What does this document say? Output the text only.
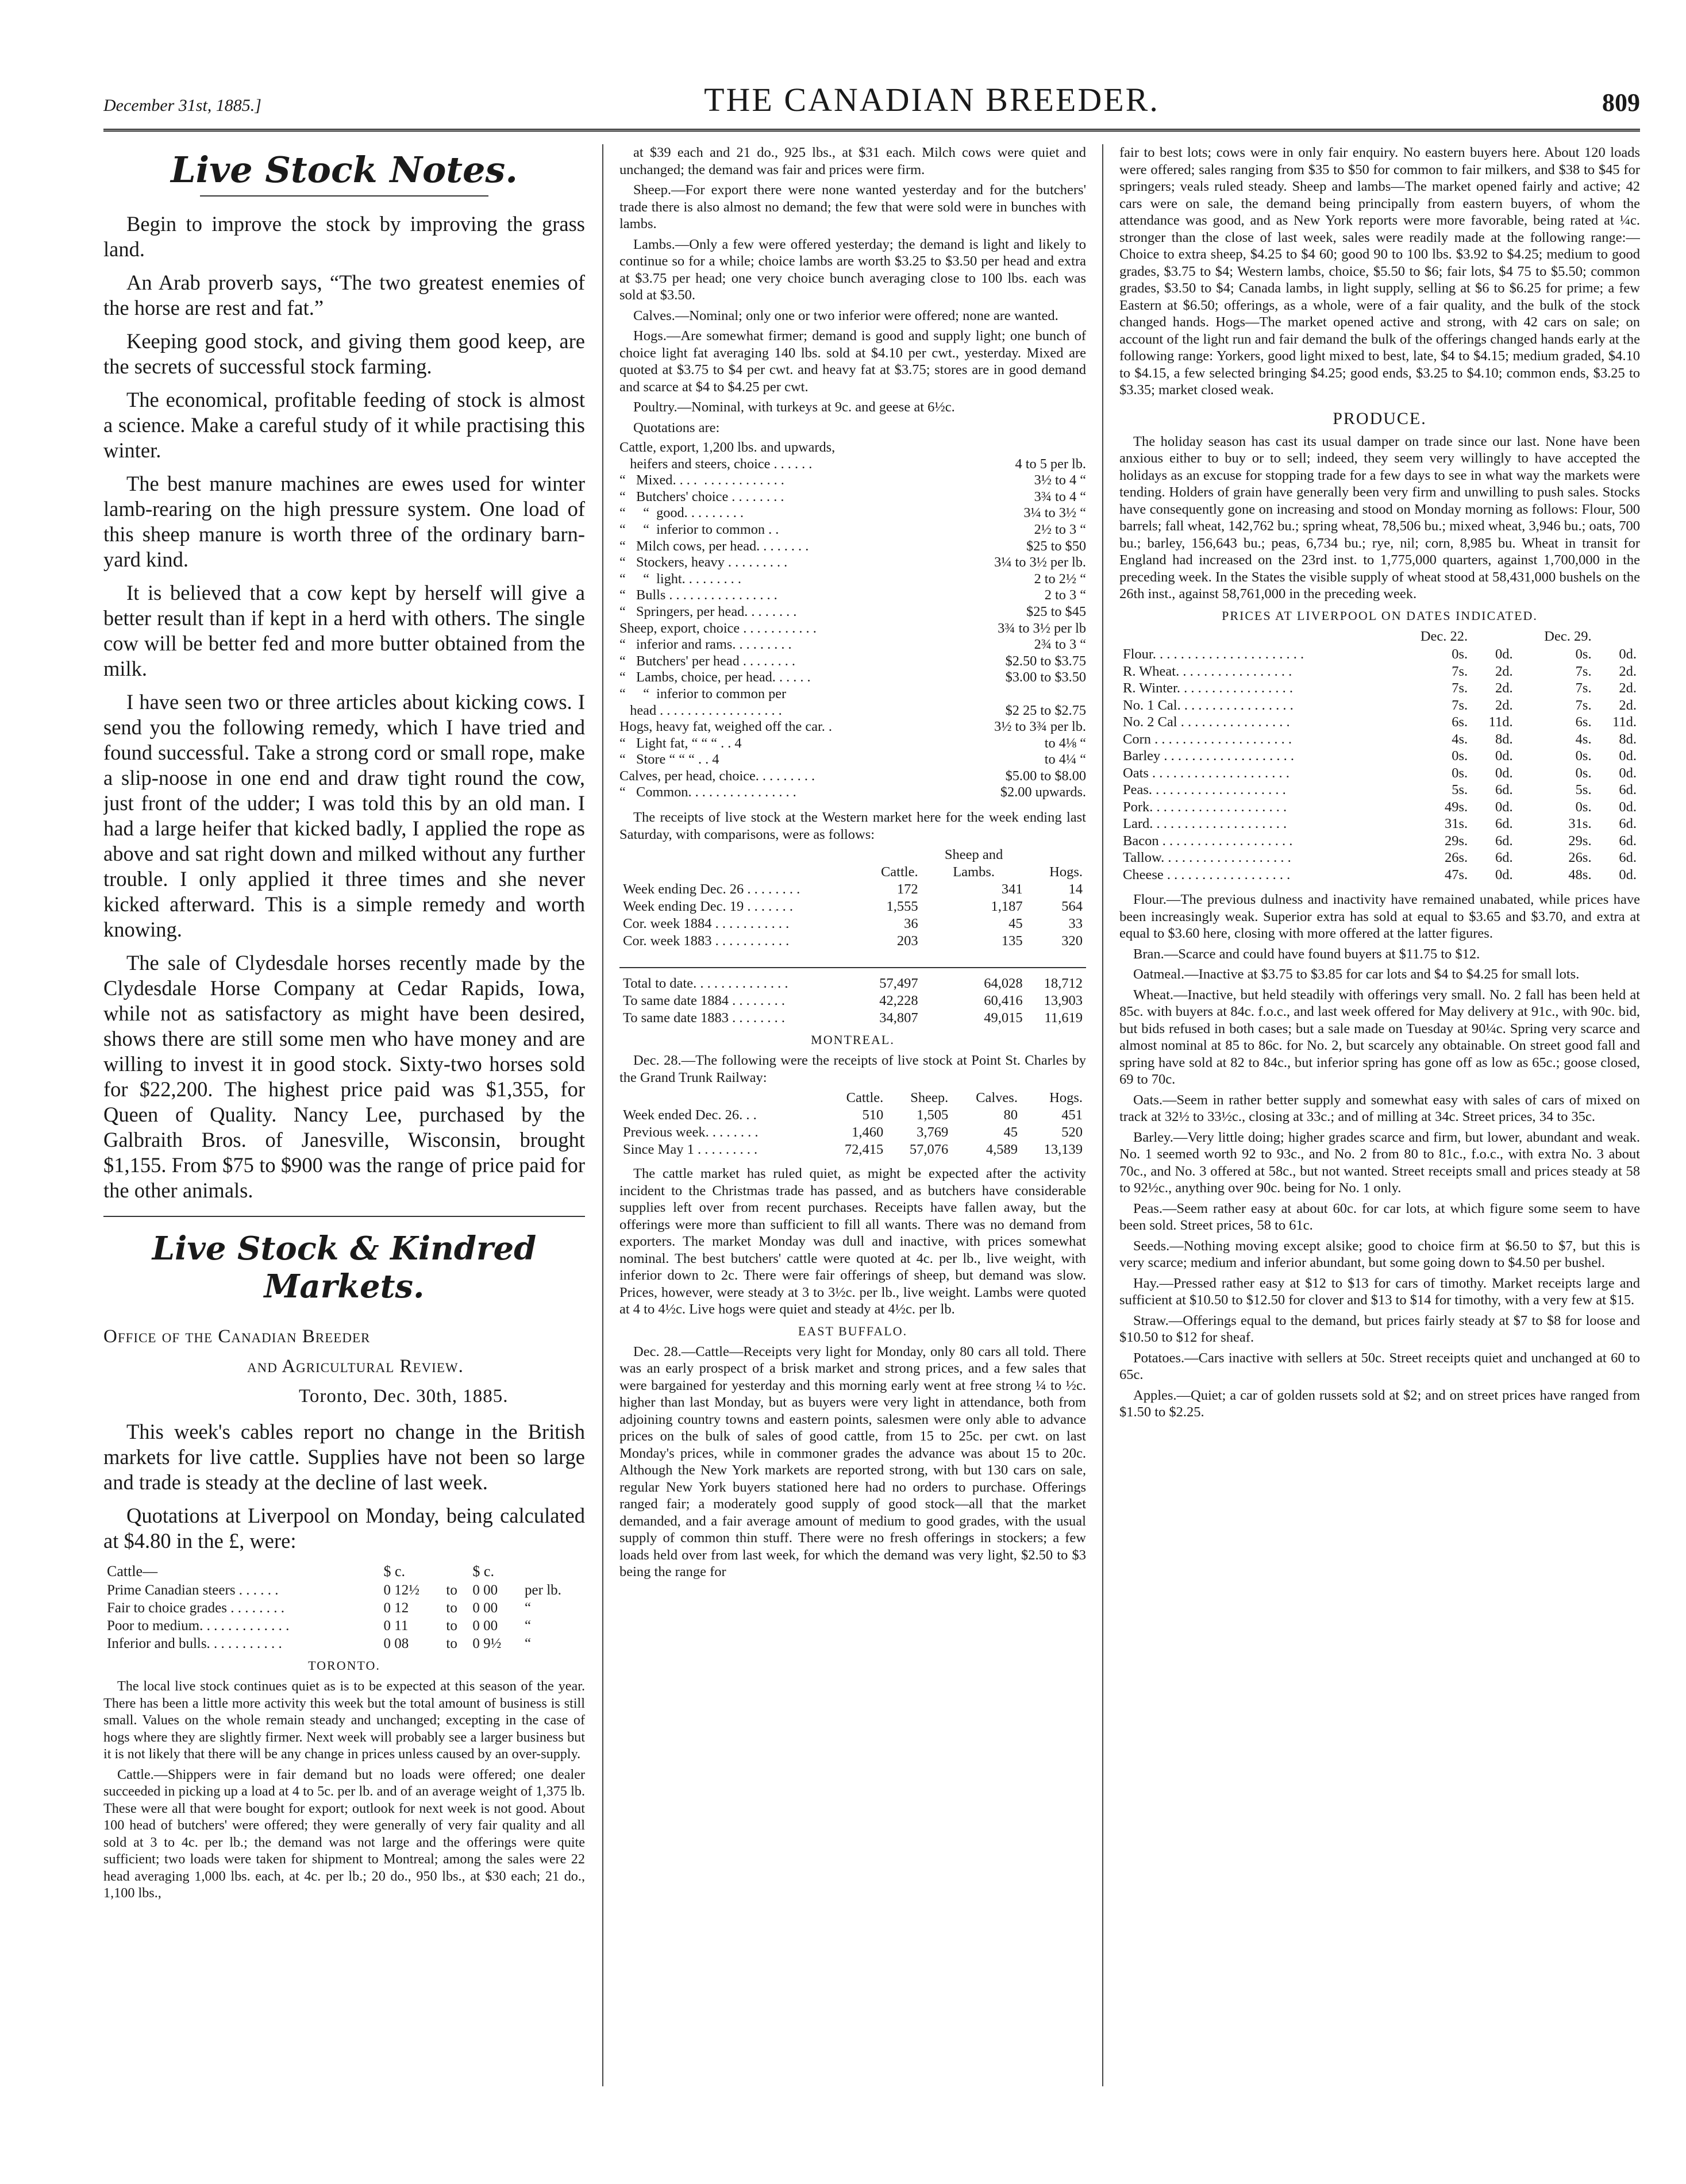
December 31st, 1885.]	THE CANADIAN BREEDER.	809
Live Stock Notes.

Begin to improve the stock by improving the grass land.

An Arab proverb says, “The two greatest enemies of the horse are rest and fat.”

Keeping good stock, and giving them good keep, are the secrets of successful stock farming.

The economical, profitable feeding of stock is almost a science. Make a careful study of it while practising this winter.

The best manure machines are ewes used for winter lamb-rearing on the high pressure system. One load of this sheep manure is worth three of the ordinary barn-yard kind.

It is believed that a cow kept by herself will give a better result than if kept in a herd with others. The single cow will be better fed and more butter obtained from the milk.

I have seen two or three articles about kicking cows. I send you the following remedy, which I have tried and found successful. Take a strong cord or small rope, make a slip-noose in one end and draw tight round the cow, just front of the udder; I was told this by an old man. I had a large heifer that kicked badly, I applied the rope as above and sat right down and milked without any further trouble. I only applied it three times and she never kicked afterward. This is a simple remedy and worth knowing.

The sale of Clydesdale horses recently made by the Clydesdale Horse Company at Cedar Rapids, Iowa, while not as satisfactory as might have been desired, shows there are still some men who have money and are willing to invest it in good stock. Sixty-two horses sold for $22,200. The highest price paid was $1,355, for Queen of Quality. Nancy Lee, purchased by the Galbraith Bros. of Janesville, Wisconsin, brought $1,155. From $75 to $900 was the range of price paid for the other animals.

Live Stock & Kindred Markets.
Office of the Canadian Breeder
and Agricultural Review.
Toronto, Dec. 30th, 1885.

This week's cables report no change in the British markets for live cattle. Supplies have not been so large and trade is steady at the decline of last week.

Quotations at Liverpool on Monday, being calculated at $4.80 in the £, were:

Cattle—	$ c.		$ c.	
Prime Canadian steers . . . . . .	0 12½	to	0 00	per lb.
Fair to choice grades . . . . . . . .	0 12	to	0 00	“
Poor to medium. . . . . . . . . . . . .	0 11	to	0 00	“
Inferior and bulls. . . . . . . . . . .	0 08	to	0 9½	“
TORONTO.

The local live stock continues quiet as is to be expected at this season of the year. There has been a little more activity this week but the total amount of business is still small. Values on the whole remain steady and unchanged; excepting in the case of hogs where they are slightly firmer. Next week will probably see a larger business but it is not likely that there will be any change in prices unless caused by an over-supply.

Cattle.—Shippers were in fair demand but no loads were offered; one dealer succeeded in picking up a load at 4 to 5c. per lb. and of an average weight of 1,375 lb. These were all that were bought for export; outlook for next week is not good. About 100 head of butchers' were offered; they were generally of very fair quality and all sold at 3 to 4c. per lb.; the demand was not large and the offerings were quite sufficient; two loads were taken for shipment to Montreal; among the sales were 22 head averaging 1,000 lbs. each, at 4c. per lb.; 20 do., 950 lbs., at $30 each; 21 do., 1,100 lbs.,

at $39 each and 21 do., 925 lbs., at $31 each. Milch cows were quiet and unchanged; the demand was fair and prices were firm.

Sheep.—For export there were none wanted yesterday and for the butchers' trade there is also almost no demand; the few that were sold were in bunches with lambs.

Lambs.—Only a few were offered yesterday; the demand is light and likely to continue so for a while; choice lambs are worth $3.25 to $3.50 per head and extra at $3.75 per head; one very choice bunch averaging close to 100 lbs. each was sold at $3.50.

Calves.—Nominal; only one or two inferior were offered; none are wanted.

Hogs.—Are somewhat firmer; demand is good and supply light; one bunch of choice light fat averaging 140 lbs. sold at $4.10 per cwt., yesterday. Mixed are quoted at $3.75 to $4 per cwt. and heavy fat at $3.75; stores are in good demand and scarce at $4 to $4.25 per cwt.

Poultry.—Nominal, with turkeys at 9c. and geese at 6½c.

Quotations are:

Cattle, export, 1,200 lbs. and upwards,
heifers and steers, choice . . . . . .	4 to 5 per lb.
“   Mixed. . . .  . . . . . . . . . . . .	3½ to 4 “
“   Butchers' choice . . . . . . . .	3¾ to 4 “
“     “  good. . . . . . . . .	3¼ to 3½ “
“     “  inferior to common . .	2½ to 3 “
“   Milch cows, per head. . . . . . . .	$25 to $50
“   Stockers, heavy . . . . . . . . .	3¼ to 3½ per lb.
“     “  light. . . . . . . . .	2 to 2½ “
“   Bulls . . . . . . . . . . . . . . . .	2 to 3 “
“   Springers, per head. . . . . . . .	$25 to $45
Sheep, export, choice . . . . . . . . . . .	3¾ to 3½ per lb
“   inferior and rams. . . . . . . . .	2¾ to 3 “
“   Butchers' per head . . . . . . . .	$2.50 to $3.75
“   Lambs, choice, per head. . . . . .	$3.00 to $3.50
“     “  inferior to common per
head . . . . . . . . . . . . . . . . . .	$2 25 to $2.75
Hogs, heavy fat, weighed off the car. .	3½ to 3¾ per lb.
“   Light fat, “ “ “ . . 4	to 4⅛ “
“   Store “ “ “ . . 4	to 4¼ “
Calves, per head, choice. . . . . . . . .	$5.00 to $8.00
“   Common. . . . . . . . . . . . . . . .	$2.00 upwards.

The receipts of live stock at the Western market here for the week ending last Saturday, with comparisons, were as follows:

	Cattle.	Sheep and Lambs.	Hogs.
Week ending Dec. 26 . . . . . . . .	172	341	14
Week ending Dec. 19 . . . . . . .	1,555	1,187	564
Cor. week 1884 . . . . . . . . . . .	36	45	33
Cor. week 1883 . . . . . . . . . . .	203	135	320

Total to date. . . . . . . . . . . . . .	57,497	64,028	18,712
To same date 1884 . . . . . . . .	42,228	60,416	13,903
To same date 1883 . . . . . . . .	34,807	49,015	11,619
MONTREAL.

Dec. 28.—The following were the receipts of live stock at Point St. Charles by the Grand Trunk Railway:

	Cattle.	Sheep.	Calves.	Hogs.
Week ended Dec. 26. . .	510	1,505	80	451
Previous week. . . . . . . .	1,460	3,769	45	520
Since May 1 . . . . . . . . .	72,415	57,076	4,589	13,139

The cattle market has ruled quiet, as might be expected after the activity incident to the Christmas trade has passed, and as butchers have considerable supplies left over from recent purchases. Receipts have fallen away, but the offerings were more than sufficient to fill all wants. There was no demand from exporters. The market Monday was dull and inactive, with prices somewhat nominal. The best butchers' cattle were quoted at 4c. per lb., live weight, with inferior down to 2c. There were fair offerings of sheep, but demand was slow. Prices, however, were steady at 3 to 3½c. per lb., live weight. Lambs were quoted at 4 to 4½c. Live hogs were quiet and steady at 4½c. per lb.

EAST BUFFALO.

Dec. 28.—Cattle—Receipts very light for Monday, only 80 cars all told. There was an early prospect of a brisk market and strong prices, and a few sales that were bargained for yesterday and this morning early went at free strong ¼ to ½c. higher than last Monday, but as buyers were very light in attendance, both from adjoining country towns and eastern points, salesmen were only able to advance prices on the bulk of sales of good cattle, from 15 to 25c. per cwt. on last Monday's prices, while in commoner grades the advance was about 15 to 20c. Although the New York markets are reported strong, with but 130 cars on sale, regular New York buyers stationed here had no orders to purchase. Offerings ranged fair; a moderately good supply of good stock—all that the market demanded, and a fair average amount of medium to good grades, with the usual supply of common thin stuff. There were no fresh offerings in stockers; a few loads held over from last week, for which the demand was very light, $2.50 to $3 being the range for

fair to best lots; cows were in only fair enquiry. No eastern buyers here. About 120 loads were offered; sales ranging from $35 to $50 for common to fair milkers, and $38 to $45 for springers; veals ruled steady. Sheep and lambs—The market opened fairly and active; 42 cars were on sale, the demand being principally from eastern buyers, of whom the attendance was good, and as New York reports were more favorable, being rated at ¼c. stronger than the close of last week, sales were readily made at the following range:—Choice to extra sheep, $4.25 to $4 60; good 90 to 100 lbs. $3.92 to $4.25; medium to good grades, $3.75 to $4; Western lambs, choice, $5.50 to $6; fair lots, $4 75 to $5.50; common grades, $3.50 to $4; Canada lambs, in light supply, selling at $6 to $6.25 for prime; a few Eastern at $6.50; offerings, as a whole, were of a fair quality, and the bulk of the stock changed hands. Hogs—The market opened active and strong, with 42 cars on sale; on account of the light run and fair demand the bulk of the offerings changed hands early at the following range: Yorkers, good light mixed to best, late, $4 to $4.15; medium graded, $4.10 to $4.15, a few selected bringing $4.25; good ends, $3.25 to $4.10; common ends, $3.25 to $3.35; market closed weak.

PRODUCE.

The holiday season has cast its usual damper on trade since our last. None have been anxious either to buy or to sell; indeed, they seem very willingly to have accepted the holidays as an excuse for stopping trade for a few days to see in what way the markets were tending. Holders of grain have generally been very firm and unwilling to push sales. Stocks have consequently gone on increasing and stood on Monday morning as follows: Flour, 500 barrels; fall wheat, 142,762 bu.; spring wheat, 78,506 bu.; mixed wheat, 3,946 bu.; oats, 700 bu.; barley, 156,643 bu.; peas, 6,734 bu.; rye, nil; corn, 8,985 bu. Wheat in transit for England had increased on the 23rd inst. to 1,775,000 quarters, against 1,700,000 in the preceding week. In the States the visible supply of wheat stood at 58,431,000 bushels on the 26th inst., against 58,761,000 in the preceding week.

PRICES AT LIVERPOOL ON DATES INDICATED.
	Dec. 22.		Dec. 29.	
Flour. . . . . . . . . . . . . . . . . . . . . .	0s.	0d.	0s.	0d.
R. Wheat. . . . . . . . . . . . . . . . .	7s.	2d.	7s.	2d.
R. Winter. . . . . . . . . . . . . . . . .	7s.	2d.	7s.	2d.
No. 1 Cal. . . . . . . . . . . . . . . . .	7s.	2d.	7s.	2d.
No. 2 Cal . . . . . . . . . . . . . . . .	6s.	11d.	6s.	11d.
Corn . . . . . . . . . . . . . . . . . . . .	4s.	8d.	4s.	8d.
Barley . . . . . . . . . . . . . . . . . . .	0s.	0d.	0s.	0d.
Oats . . . . . . . . . . . . . . . . . . . .	0s.	0d.	0s.	0d.
Peas. . . . . . . . . . . . . . . . . . . .	5s.	6d.	5s.	6d.
Pork. . . . . . . . . . . . . . . . . . . .	49s.	0d.	0s.	0d.
Lard. . . . . . . . . . . . . . . . . . . .	31s.	6d.	31s.	6d.
Bacon . . . . . . . . . . . . . . . . . . .	29s.	6d.	29s.	6d.
Tallow. . . . . . . . . . . . . . . . . . .	26s.	6d.	26s.	6d.
Cheese . . . . . . . . . . . . . . . . . .	47s.	0d.	48s.	0d.

Flour.—The previous dulness and inactivity have remained unabated, while prices have been increasingly weak. Superior extra has sold at equal to $3.65 and $3.70, and extra at equal to $3.60 here, closing with more offered at the latter figures.

Bran.—Scarce and could have found buyers at $11.75 to $12.

Oatmeal.—Inactive at $3.75 to $3.85 for car lots and $4 to $4.25 for small lots.

Wheat.—Inactive, but held steadily with offerings very small. No. 2 fall has been held at 85c. with buyers at 84c. f.o.c., and last week offered for May delivery at 91c., with 90c. bid, but bids refused in both cases; but a sale made on Tuesday at 90¼c. Spring very scarce and almost nominal at 85 to 86c. for No. 2, but scarcely any obtainable. On street good fall and spring have sold at 82 to 84c., but inferior spring has gone off as low as 65c.; goose closed, 69 to 70c.

Oats.—Seem in rather better supply and somewhat easy with sales of cars of mixed on track at 32½ to 33½c., closing at 33c.; and of milling at 34c. Street prices, 34 to 35c.

Barley.—Very little doing; higher grades scarce and firm, but lower, abundant and weak. No. 1 seemed worth 92 to 93c., and No. 2 from 80 to 81c., f.o.c., with extra No. 3 about 70c., and No. 3 offered at 58c., but not wanted. Street receipts small and prices steady at 58 to 92½c., anything over 90c. being for No. 1 only.

Peas.—Seem rather easy at about 60c. for car lots, at which figure some seem to have been sold. Street prices, 58 to 61c.

Seeds.—Nothing moving except alsike; good to choice firm at $6.50 to $7, but this is very scarce; medium and inferior abundant, but some going down to $4.50 per bushel.

Hay.—Pressed rather easy at $12 to $13 for cars of timothy. Market receipts large and sufficient at $10.50 to $12.50 for clover and $13 to $14 for timothy, with a very few at $15.

Straw.—Offerings equal to the demand, but prices fairly steady at $7 to $8 for loose and $10.50 to $12 for sheaf.

Potatoes.—Cars inactive with sellers at 50c. Street receipts quiet and unchanged at 60 to 65c.

Apples.—Quiet; a car of golden russets sold at $2; and on street prices have ranged from $1.50 to $2.25.
